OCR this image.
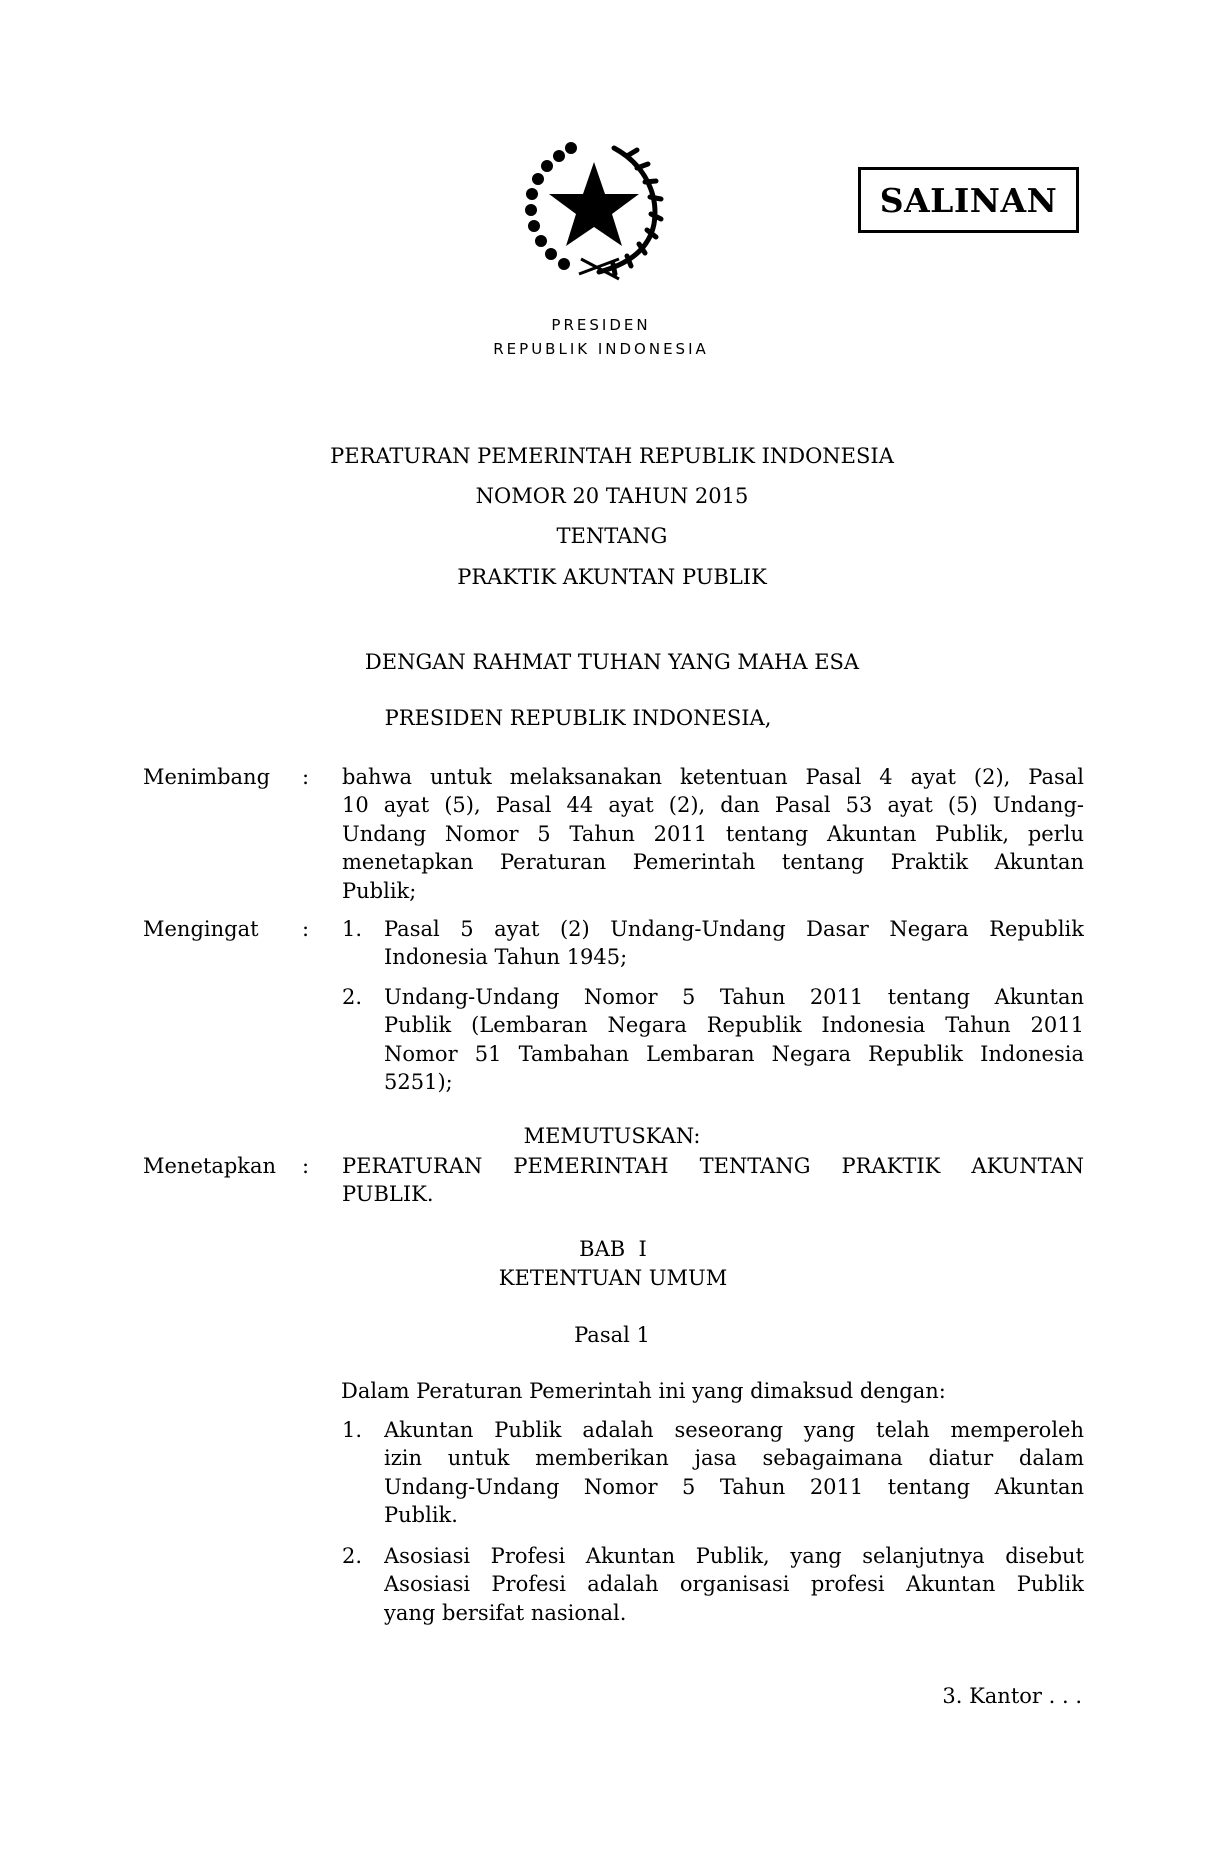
SALINAN
PRESIDEN
REPUBLIK INDONESIA
PERATURAN PEMERINTAH REPUBLIK INDONESIA
NOMOR 20 TAHUN 2015
TENTANG
PRAKTIK AKUNTAN PUBLIK
DENGAN RAHMAT TUHAN YANG MAHA ESA
PRESIDEN REPUBLIK INDONESIA,
Menimbang : bahwa untuk melaksanakan ketentuan Pasal 4 ayat (2), Pasal
10 ayat (5), Pasal 44 ayat (2), dan Pasal 53 ayat (5) Undang-
Undang Nomor 5 Tahun 2011 tentang Akuntan Publik, perlu
menetapkan Peraturan Pemerintah tentang Praktik Akuntan
Publik;
Mengingat : 1. Pasal 5 ayat (2) Undang-Undang Dasar Negara Republik
Indonesia Tahun 1945;
2. Undang-Undang Nomor 5 Tahun 2011 tentang Akuntan
Publik (Lembaran Negara Republik Indonesia Tahun 2011
Nomor 51 Tambahan Lembaran Negara Republik Indonesia
5251);
MEMUTUSKAN:
Menetapkan : PERATURAN PEMERINTAH TENTANG PRAKTIK AKUNTAN
PUBLIK.
BAB  I
KETENTUAN UMUM
Pasal 1
Dalam Peraturan Pemerintah ini yang dimaksud dengan:
1. Akuntan Publik adalah seseorang yang telah memperoleh
izin untuk memberikan jasa sebagaimana diatur dalam
Undang-Undang Nomor 5 Tahun 2011 tentang Akuntan
Publik.
2. Asosiasi Profesi Akuntan Publik, yang selanjutnya disebut
Asosiasi Profesi adalah organisasi profesi Akuntan Publik
yang bersifat nasional.
3. Kantor . . .
